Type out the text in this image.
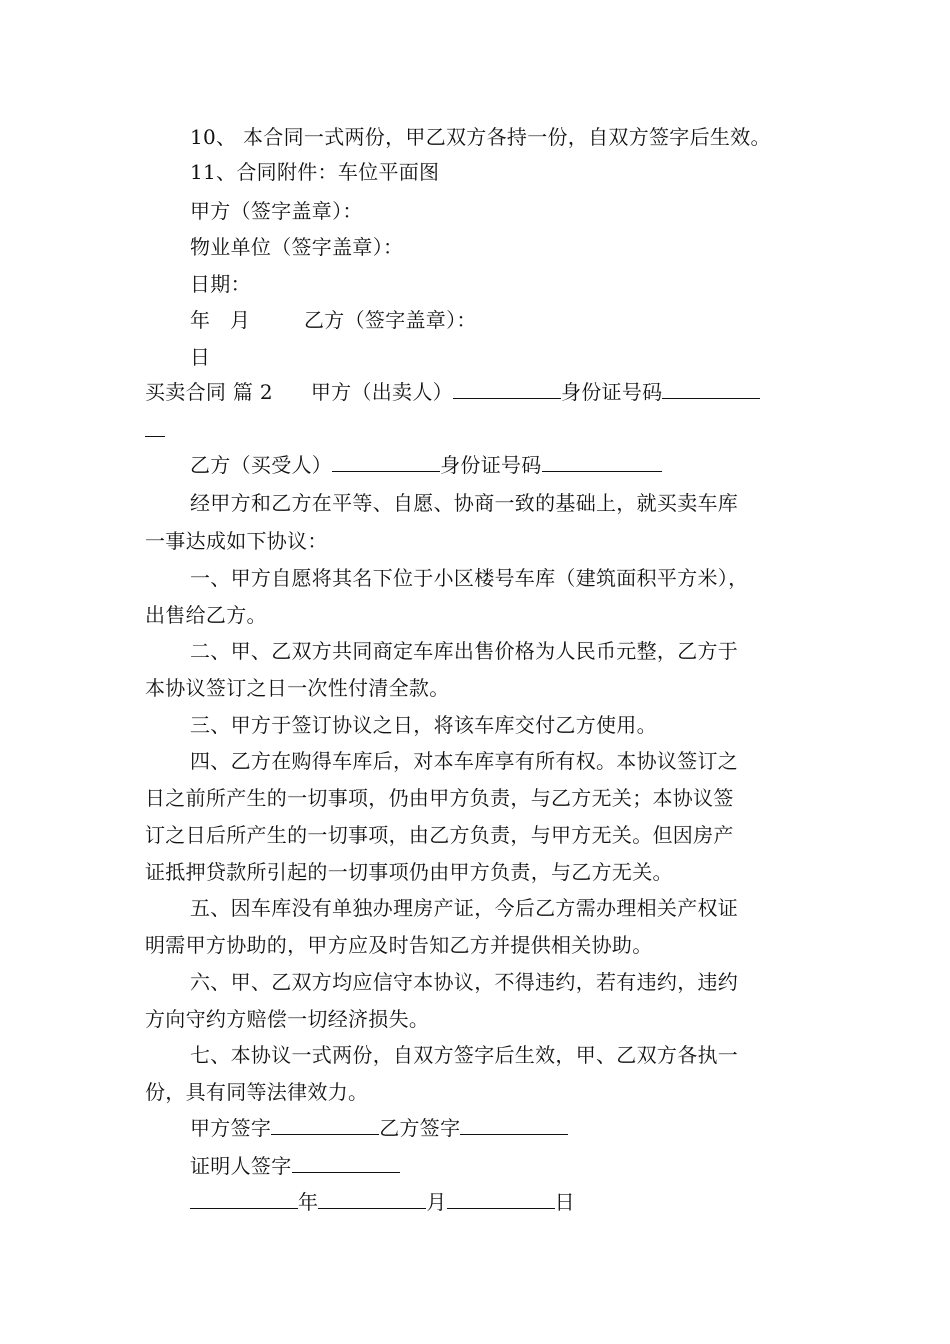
10、 本合同一式两份，甲乙双方各持一份，自双方签字后生效。
11、合同附件：车位平面图
甲方（签字盖章）：
物业单位（签字盖章）：
日期：
年 月	乙方（签字盖章）：
日
买卖合同 篇 2 甲方（出卖人）	身份证号码
乙方（买受人）	身份证号码
经甲方和乙方在平等、自愿、协商一致的基础上，就买卖车库
一事达成如下协议：
一、甲方自愿将其名下位于小区楼号车库（建筑面积平方米），
出售给乙方。
二、甲、乙双方共同商定车库出售价格为人民币元整，乙方于
本协议签订之日一次性付清全款。
三、甲方于签订协议之日，将该车库交付乙方使用。
四、乙方在购得车库后，对本车库享有所有权。本协议签订之
日之前所产生的一切事项，仍由甲方负责，与乙方无关；本协议签
订之日后所产生的一切事项，由乙方负责，与甲方无关。但因房产
证抵押贷款所引起的一切事项仍由甲方负责，与乙方无关。
五、因车库没有单独办理房产证，今后乙方需办理相关产权证
明需甲方协助的，甲方应及时告知乙方并提供相关协助。
六、甲、乙双方均应信守本协议，不得违约，若有违约，违约
方向守约方赔偿一切经济损失。
七、本协议一式两份，自双方签字后生效，甲、乙双方各执一
份，具有同等法律效力。
甲方签字	乙方签字
证明人签字
年	月	日
